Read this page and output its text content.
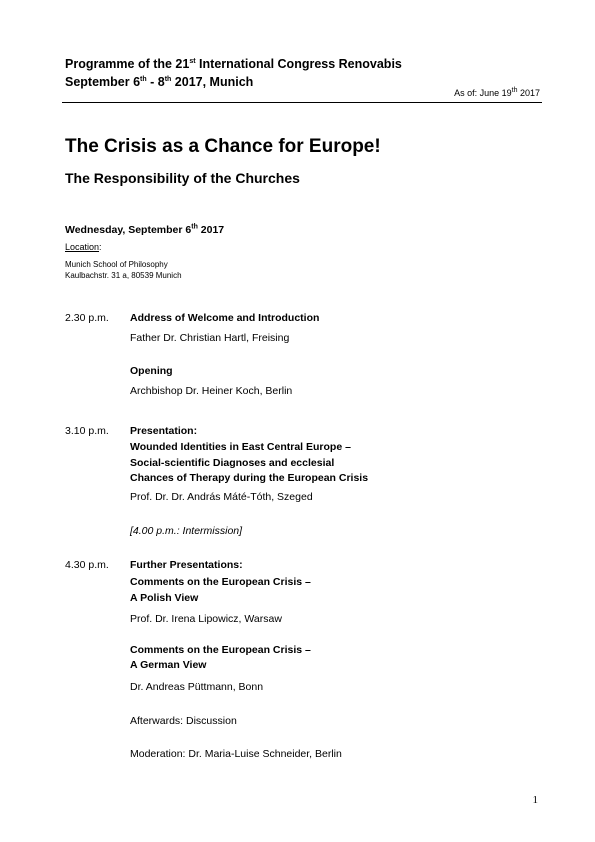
Programme of the 21st International Congress Renovabis
September 6th - 8th 2017, Munich
As of: June 19th 2017
The Crisis as a Chance for Europe!
The Responsibility of the Churches
Wednesday, September 6th 2017
Location:
Munich School of Philosophy
Kaulbachstr. 31 a, 80539 Munich
2.30 p.m. Address of Welcome and Introduction
Father Dr. Christian Hartl, Freising
Opening
Archbishop Dr. Heiner Koch, Berlin
3.10 p.m. Presentation:
Wounded Identities in East Central Europe –
Social-scientific Diagnoses and ecclesial
Chances of Therapy during the European Crisis
Prof. Dr. Dr. András Máté-Tóth, Szeged
[4.00 p.m.: Intermission]
4.30 p.m. Further Presentations:
Comments on the European Crisis –
A Polish View
Prof. Dr. Irena Lipowicz, Warsaw
Comments on the European Crisis –
A German View
Dr. Andreas Püttmann, Bonn
Afterwards: Discussion
Moderation: Dr. Maria-Luise Schneider, Berlin
1
